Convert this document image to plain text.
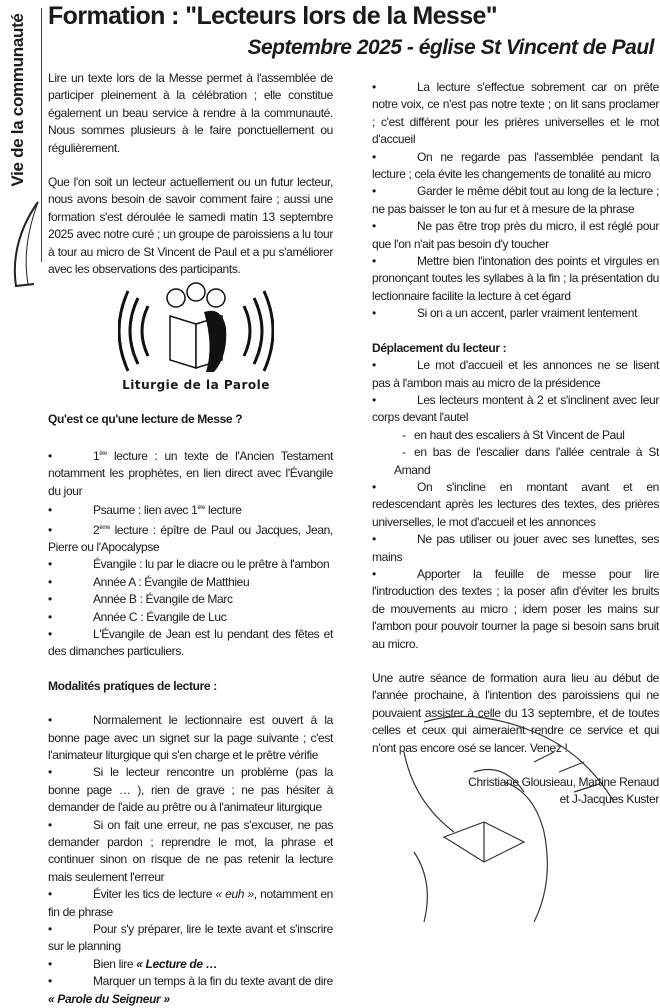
Vie de la communauté Formation : "Lecteurs lors de la Messe"
Septembre 2025 - église St Vincent de Paul

Lire un texte lors de la Messe permet à l'assemblée de participer pleinement à la célébration ; elle constitue également un beau service à rendre à la communauté. Nous sommes plusieurs à le faire ponctuellement ou régulièrement.

Que l'on soit un lecteur actuellement ou un futur lecteur, nous avons besoin de savoir comment faire ; aussi une formation s'est déroulée le samedi matin 13 septembre 2025 avec notre curé ; un groupe de paroissiens a lu tour à tour au micro de St Vincent de Paul et a pu s'améliorer avec les observations des participants.

Qu'est ce qu'une lecture de Messe ?

•	1ère lecture : un texte de l'Ancien Testament notamment les prophètes, en lien direct avec l'Évangile du jour

•	Psaume : lien avec 1ère lecture

•	2ème lecture : épître de Paul ou Jacques, Jean, Pierre ou l'Apocalypse

•	Évangile : lu par le diacre ou le prêtre à l'ambon

•	Année A : Évangile de Matthieu

•	Année B : Évangile de Marc

•	Année C : Évangile de Luc

•	L'Évangile de Jean est lu pendant des fêtes et des dimanches particuliers.

Modalités pratiques de lecture :

•	Normalement le lectionnaire est ouvert à la bonne page avec un signet sur la page suivante ; c'est l'animateur liturgique qui s'en charge et le prêtre vérifie

•	Si le lecteur rencontre un problème (pas la bonne page … ), rien de grave ; ne pas hésiter à demander de l'aide au prêtre ou à l'animateur liturgique

•	Si on fait une erreur, ne pas s'excuser, ne pas demander pardon ; reprendre le mot, la phrase et continuer sinon on risque de ne pas retenir la lecture mais seulement l'erreur

•	Éviter les tics de lecture « euh », notamment en fin de phrase

•	Pour s'y préparer, lire le texte avant et s'inscrire sur le planning

•	Bien lire « Lecture de …

•	Marquer un temps à la fin du texte avant de dire « Parole du Seigneur »

Liturgie de la Parole

•	La lecture s'effectue sobrement car on prête notre voix, ce n'est pas notre texte ; on lit sans proclamer ; c'est différent pour les prières universelles et le mot d'accueil

•	On ne regarde pas l'assemblée pendant la lecture ; cela évite les changements de tonalité au micro

•	Garder le même débit tout au long de la lecture ; ne pas baisser le ton au fur et à mesure de la phrase

•	Ne pas être trop près du micro, il est réglé pour que l'on n'ait pas besoin d'y toucher

•	Mettre bien l'intonation des points et virgules en prononçant toutes les syllabes à la fin ; la présentation du lectionnaire facilite la lecture à cet égard

•	Si on a un accent, parler vraiment lentement

Déplacement du lecteur :

•	Le mot d'accueil et les annonces ne se lisent pas à l'ambon mais au micro de la présidence

•	Les lecteurs montent à 2 et s'inclinent avec leur corps devant l'autel

- en haut des escaliers à St Vincent de Paul

- en bas de l'escalier dans l'allée centrale à St Amand

•	On s'incline en montant avant et en redescendant après les lectures des textes, des prières universelles, le mot d'accueil et les annonces

•	Ne pas utiliser ou jouer avec ses lunettes, ses mains

•	Apporter la feuille de messe pour lire l'introduction des textes ; la poser afin d'éviter les bruits de mouvements au micro ; idem poser les mains sur l'ambon pour pouvoir tourner la page si besoin sans bruit au micro.

Une autre séance de formation aura lieu au début de l'année prochaine, à l'intention des paroissiens qui ne pouvaient assister à celle du 13 septembre, et de toutes celles et ceux qui aimeraient rendre ce service et qui n'ont pas encore osé se lancer. Venez !

Christiane Glousieau, Martine Renaud

et J-Jacques Kuster
